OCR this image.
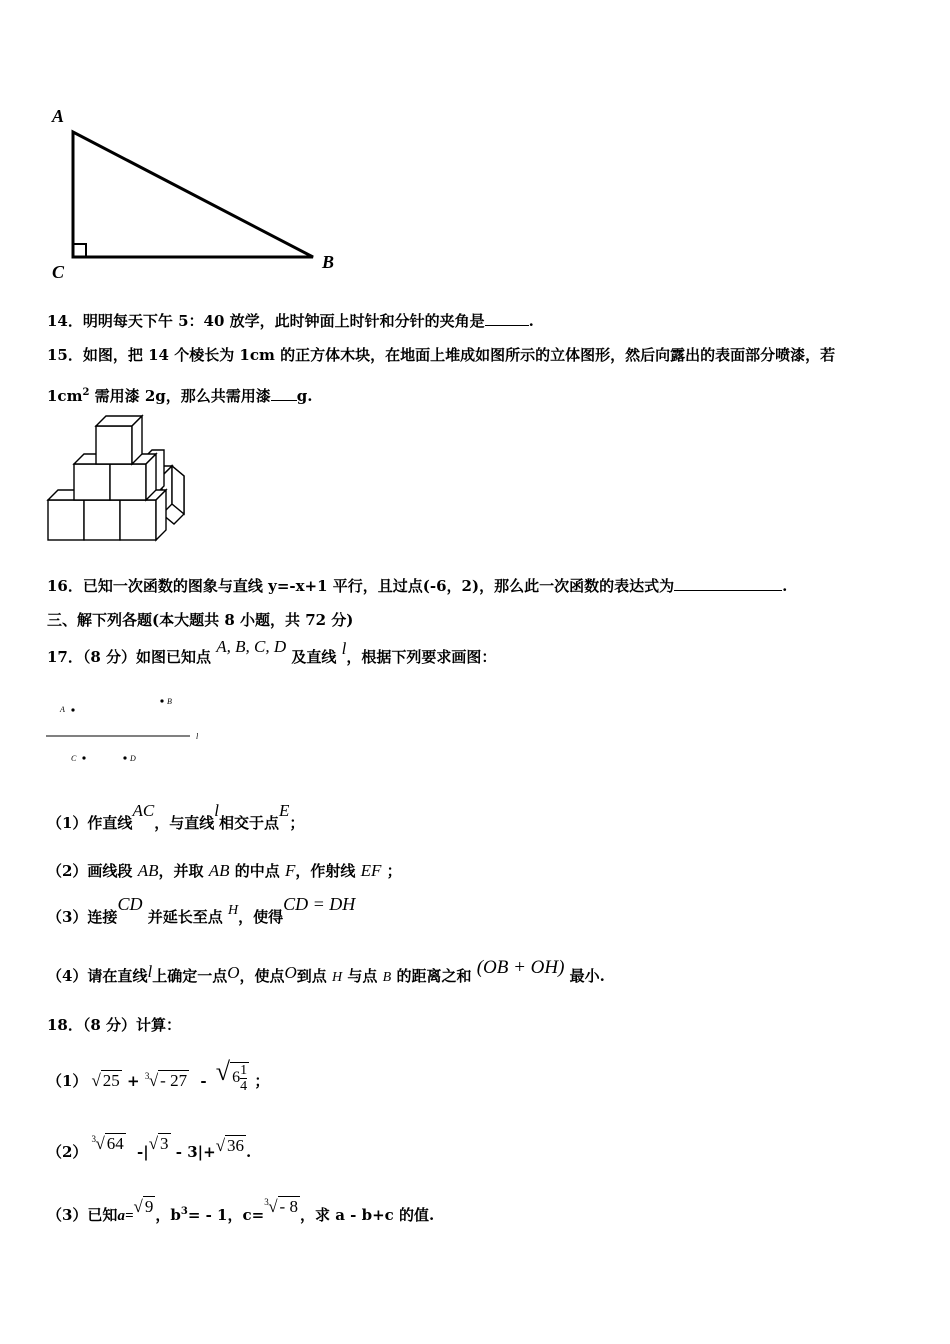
A
C	B
14．明明每天下午 5：40 放学，此时钟面上时针和分针的夹角是	.
15．如图，把 14 个棱长为 1cm 的正方体木块，在地面上堆成如图所示的立体图形，然后向露出的表面部分喷漆，若
$1cm^2$ 需用漆 2g，那么共需用漆 g.
16．已知一次函数的图象与直线 y=-x+1 平行，且过点(-6，2)，那么此一次函数的表达式为	.
三、解下列各题(本大题共 8 小题，共 72 分)
17．（8 分）如图已知点 A, B, C, D 及直线 l，根据下列要求画图：
A
B
l
C	D
（1）作直线AC，与直线l相交于点E；
（2）画线段 AB，并取 AB 的中点 F，作射线 EF ；
（3）连接CD 并延长至点 H，使得CD = DH
（4）请在直线l上确定一点O，使点O到点 H 与点 B 的距离之和 (OB + OH) 最小.
18．（8 分）计算：
（1） √ 25 + 3 √ - 27 - √ $6 \frac{1}{4}$ ；
（2）
3 √ 64 -|√ 3 - 3|+√ 36 .
（3）已知a=√ 9 ，$b^3= - 1$，c=
3 √ - 8 ，求 a - b+c 的值.
